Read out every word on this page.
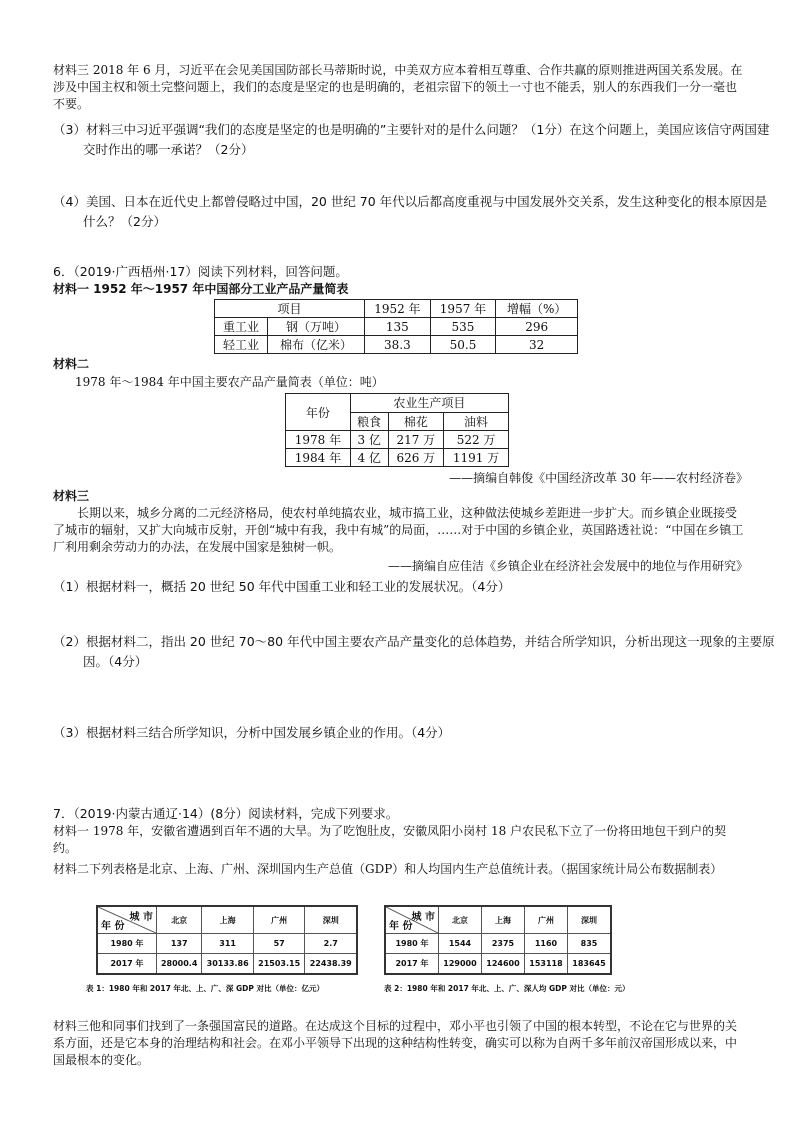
材料三 2018 年 6 月，习近平在会见美国国防部长马蒂斯时说，中美双方应本着相互尊重、合作共赢的原则推进两国关系发展。在涉及中国主权和领土完整问题上，我们的态度是坚定的也是明确的，老祖宗留下的领土一寸也不能丢，别人的东西我们一分一毫也不要。
（3）材料三中习近平强调“我们的态度是坚定的也是明确的”主要针对的是什么问题？（1分）在这个问题上，美国应该信守两国建交时作出的哪一承诺？（2分）
（4）美国、日本在近代史上都曾侵略过中国，20 世纪 70 年代以后都高度重视与中国发展外交关系，发生这种变化的根本原因是什么？（2分）
6．（2019·广西梧州·17）阅读下列材料，回答问题。
材料一 1952 年～1957 年中国部分工业产品产量简表
项目		1952 年	1957 年	增幅（%）
重工业	钢（万吨）	135	535	296
轻工业	棉布（亿米）	38.3	50.5	32
材料二
1978 年～1984 年中国主要农产品产量简表（单位：吨）
年份	农业生产项目		
	粮食	棉花	油料
1978 年	3 亿	217 万	522 万
1984 年	4 亿	626 万	1191 万
——摘编自韩俊《中国经济改革 30 年——农村经济卷》
材料三
长期以来，城乡分离的二元经济格局，使农村单纯搞农业，城市搞工业，这种做法使城乡差距进一步扩大。而乡镇企业既接受了城市的辐射，又扩大向城市反射，开创“城中有我，我中有城”的局面，……对于中国的乡镇企业，英国路透社说：“中国在乡镇工厂利用剩余劳动力的办法，在发展中国家是独树一帜。
——摘编自应佳洁《乡镇企业在经济社会发展中的地位与作用研究》
（1）根据材料一，概括 20 世纪 50 年代中国重工业和轻工业的发展状况。（4分）
（2）根据材料二，指出 20 世纪 70～80 年代中国主要农产品产量变化的总体趋势，并结合所学知识，分析出现这一现象的主要原因。（4分）
（3）根据材料三结合所学知识，分析中国发展乡镇企业的作用。（4分）
7．（2019·内蒙古通辽·14）(8分）阅读材料，完成下列要求。
材料一 1978 年，安徽省遭遇到百年不遇的大旱。为了吃饱肚皮，安徽凤阳小岗村 18 户农民私下立了一份将田地包干到户的契约。
材料二下列表格是北京、上海、广州、深圳国内生产总值（GDP）和人均国内生产总值统计表。（据国家统计局公布数据制表）
城 市
年 份	北京	上海	广州	深圳
1980 年	137	311	57	2.7
2017 年	28000.4	30133.86	21503.15	22438.39
表 1：1980 年和 2017 年北、上、广、深 GDP 对比（单位：亿元）
城 市
年 份	北京	上海	广州	深圳
1980 年	1544	2375	1160	835
2017 年	129000	124600	153118	183645
表 2：1980 年和 2017 年北、上、广、深人均 GDP 对比（单位：元）
材料三他和同事们找到了一条强国富民的道路。在达成这个目标的过程中，邓小平也引领了中国的根本转型，不论在它与世界的关系方面，还是它本身的治理结构和社会。在邓小平领导下出现的这种结构性转变，确实可以称为自两千多年前汉帝国形成以来，中国最根本的变化。
